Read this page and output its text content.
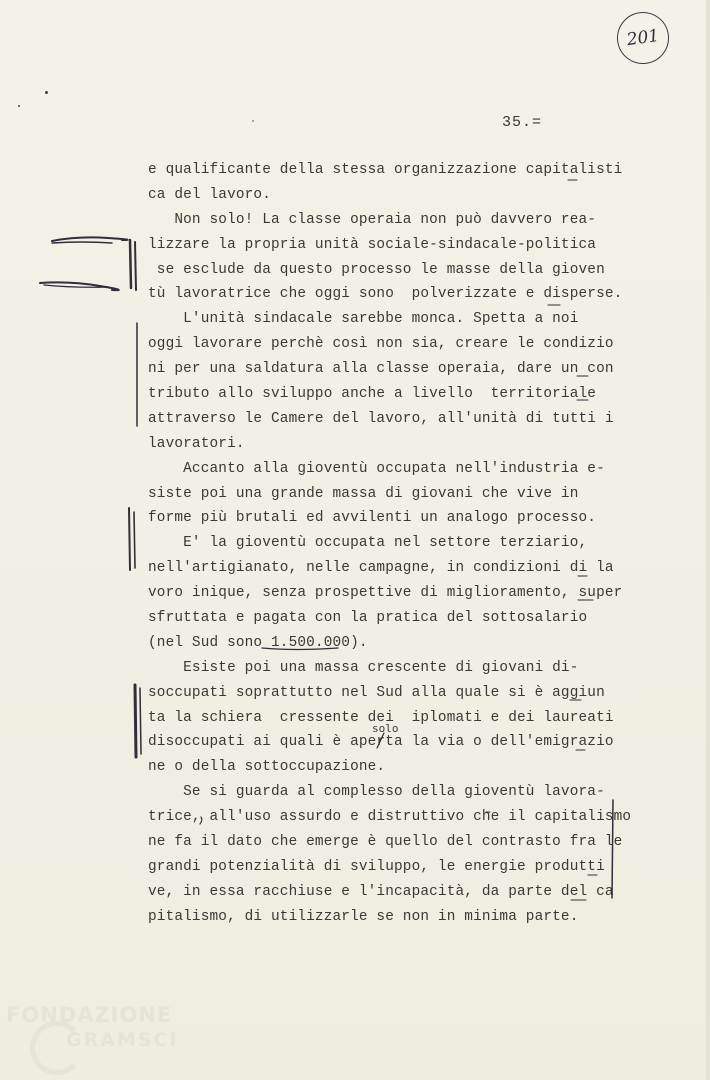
201
35.=
e qualificante della stessa organizzazione capitalisti
ca del lavoro.
Non solo! La classe operaia non può davvero rea-
lizzare la propria unità sociale-sindacale-politica
se esclude da questo processo le masse della gioven
tù lavoratrice che oggi sono  polverizzate e disperse.
L'unità sindacale sarebbe monca. Spetta a noi
oggi lavorare perchè così non sia, creare le condizio
ni per una saldatura alla classe operaia, dare un con
tributo allo sviluppo anche a livello  territoriale
attraverso le Camere del lavoro, all'unità di tutti i
lavoratori.
Accanto alla gioventù occupata nell'industria e-
siste poi una grande massa di giovani che vive in
forme più brutali ed avvilenti un analogo processo.
E' la gioventù occupata nel settore terziario,
nell'artigianato, nelle campagne, in condizioni di la
voro inique, senza prospettive di miglioramento, super
sfruttata e pagata con la pratica del sottosalario
(nel Sud sono 1.500.000).
Esiste poi una massa crescente di giovani di-
soccupati soprattutto nel Sud alla quale si è aggiun
ta la schiera  cressente dei  iplomati e dei laureati
disoccupati ai quali è aperta la via o dell'emigrazio
ne o della sottoccupazione.
Se si guarda al complesso della gioventù lavora-
trice, all'uso assurdo e distruttivo che il capitalismo
ne fa il dato che emerge è quello del contrasto fra le
grandi potenzialità di sviluppo, le energie produtti
ve, in essa racchiuse e l'incapacità, da parte del ca
pitalismo, di utilizzarle se non in minima parte.
solo
FONDAZIONE
GRAMSCI
